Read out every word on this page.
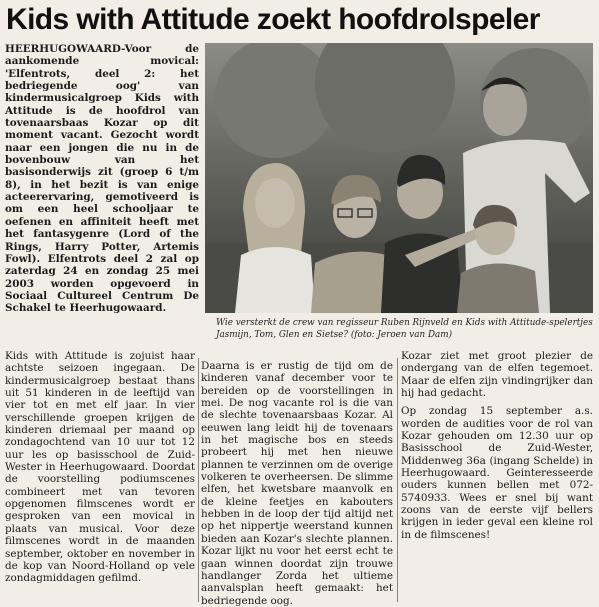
Kids with Attitude zoekt hoofdrolspeler

HEERHUGOWAARD-Voor de aankomende movical: 'Elfentrots, deel 2: het bedriegende oog' van kindermusicalgroep Kids with Attitude is de hoofdrol van tovenaarsbaas Kozar op dit moment vacant. Gezocht wordt naar een jongen die nu in de bovenbouw van het basisonderwijs zit (groep 6 t/m 8), in het bezit is van enige acteerervaring, gemotiveerd is om een heel schooljaar te oefenen en affiniteit heeft met het fantasygenre (Lord of the Rings, Harry Potter, Artemis Fowl). Elfentrots deel 2 zal op zaterdag 24 en zondag 25 mei 2003 worden opgevoerd in Sociaal Cultureel Centrum De Schakel te Heerhugowaard.

Wie versterkt de crew van regisseur Ruben Rijnveld en Kids with Attitude-spelertjes Jasmijn, Tom, Glen en Sietse? (foto: Jeroen van Dam)

Kids with Attitude is zojuist haar achtste seizoen ingegaan. De kindermusicalgroep bestaat thans uit 51 kinderen in de leeftijd van vier tot en met elf jaar. In vier verschillende groepen krijgen de kinderen driemaal per maand op zondagochtend van 10 uur tot 12 uur les op basisschool de Zuid-Wester in Heerhugowaard. Doordat de voorstelling podiumscenes combineert met van tevoren opgenomen filmscenes wordt er gesproken van een movical in plaats van musical. Voor deze filmscenes wordt in de maanden september, oktober en november in de kop van Noord-Holland op vele zondagmiddagen gefilmd.

Daarna is er rustig de tijd om de kinderen vanaf december voor te bereiden op de voorstellingen in mei. De nog vacante rol is die van de slechte tovenaarsbaas Kozar. Al eeuwen lang leidt hij de tovenaars in het magische bos en steeds probeert hij met hen nieuwe plannen te verzinnen om de overige volkeren te overheersen. De slimme elfen, het kwetsbare maanvolk en de kleine feetjes en kabouters hebben in de loop der tijd altijd net op het nippertje weerstand kunnen bieden aan Kozar's slechte plannen. Kozar lijkt nu voor het eerst echt te gaan winnen doordat zijn trouwe handlanger Zorda het ultieme aanvalsplan heeft gemaakt: het bedriegende oog.

Kozar ziet met groot plezier de ondergang van de elfen tegemoet. Maar de elfen zijn vindingrijker dan hij had gedacht.

Op zondag 15 september a.s. worden de audities voor de rol van Kozar gehouden om 12.30 uur op Basisschool de Zuid-Wester, Middenweg 36a (ingang Schelde) in Heerhugowaard. Geinteresseerde ouders kunnen bellen met 072-5740933. Wees er snel bij want zoons van de eerste vijf bellers krijgen in ieder geval een kleine rol in de filmscenes!
